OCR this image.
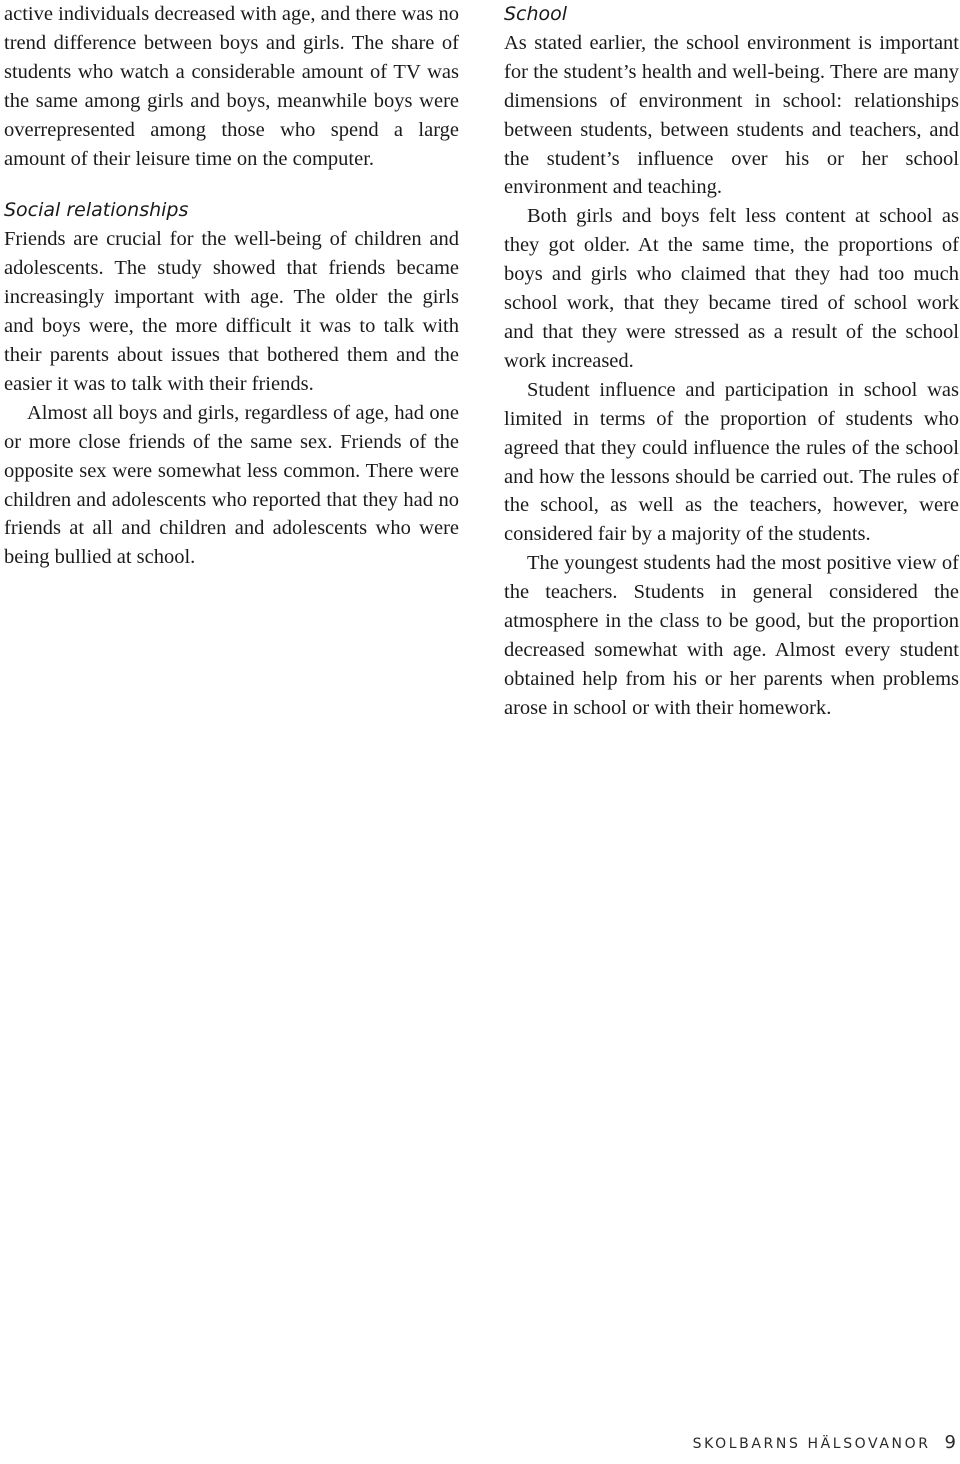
active individuals decreased with age, and there was no trend difference between boys and girls. The share of students who watch a considerable amount of TV was the same among girls and boys, meanwhile boys were overrepresented among those who spend a large amount of their leisure time on the computer.

Social relationships

Friends are crucial for the well-being of children and adolescents. The study showed that friends became increasingly important with age. The older the girls and boys were, the more difficult it was to talk with their parents about issues that bothered them and the easier it was to talk with their friends.

Almost all boys and girls, regardless of age, had one or more close friends of the same sex. Friends of the opposite sex were somewhat less common. There were children and adolescents who reported that they had no friends at all and children and adolescents who were being bullied at school.

School

As stated earlier, the school environment is important for the student’s health and well-being. There are many dimensions of environment in school: relationships between students, between students and teachers, and the student’s influence over his or her school environment and teaching.

Both girls and boys felt less content at school as they got older. At the same time, the proportions of boys and girls who claimed that they had too much school work, that they became tired of school work and that they were stressed as a result of the school work increased.

Student influence and participation in school was limited in terms of the proportion of students who agreed that they could influence the rules of the school and how the lessons should be carried out. The rules of the school, as well as the teachers, however, were considered fair by a majority of the students.

The youngest students had the most positive view of the teachers. Students in general considered the atmosphere in the class to be good, but the proportion decreased somewhat with age. Almost every student obtained help from his or her parents when problems arose in school or with their homework.

SKOLBARNS HÄLSOVANOR 9
